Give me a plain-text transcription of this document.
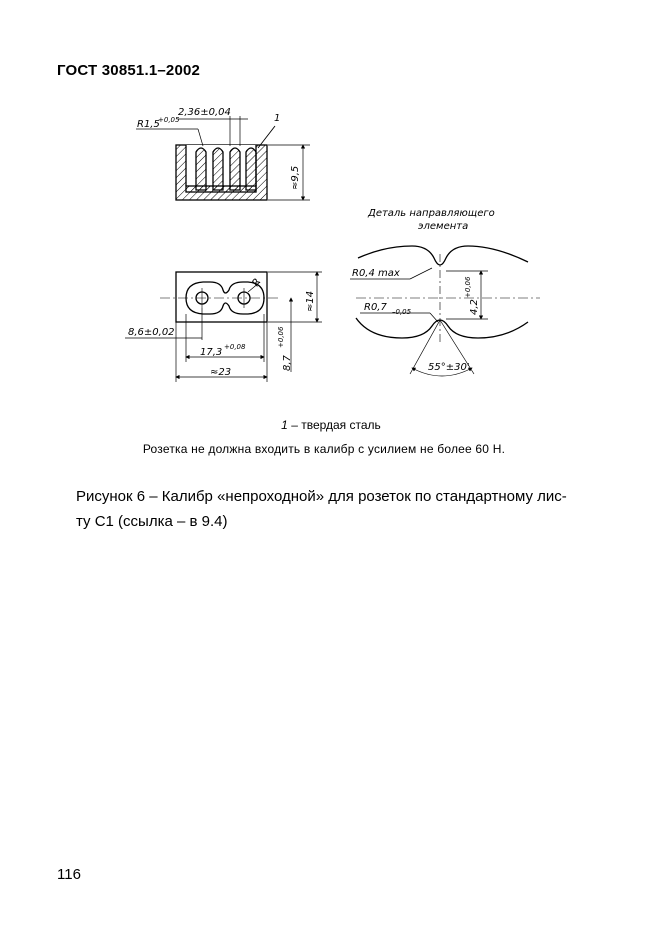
ГОСТ 30851.1–2002
2,36±0,04
R1,5
+0,05	1
≈9,5
R
≈14
8,7
+0,06
8,6±0,02
17,3 +0,08
≈23
Деталь направляющего
элемента
R0,4 max
R0,7 –0,05	4,2
+0,06
55°±30'
1 – твердая сталь
Розетка не должна входить в калибр с усилием не более 60 Н.
Рисунок 6 – Калибр «непроходной» для розеток по стандартному лис-
ту С1 (ссылка – в 9.4)
116
